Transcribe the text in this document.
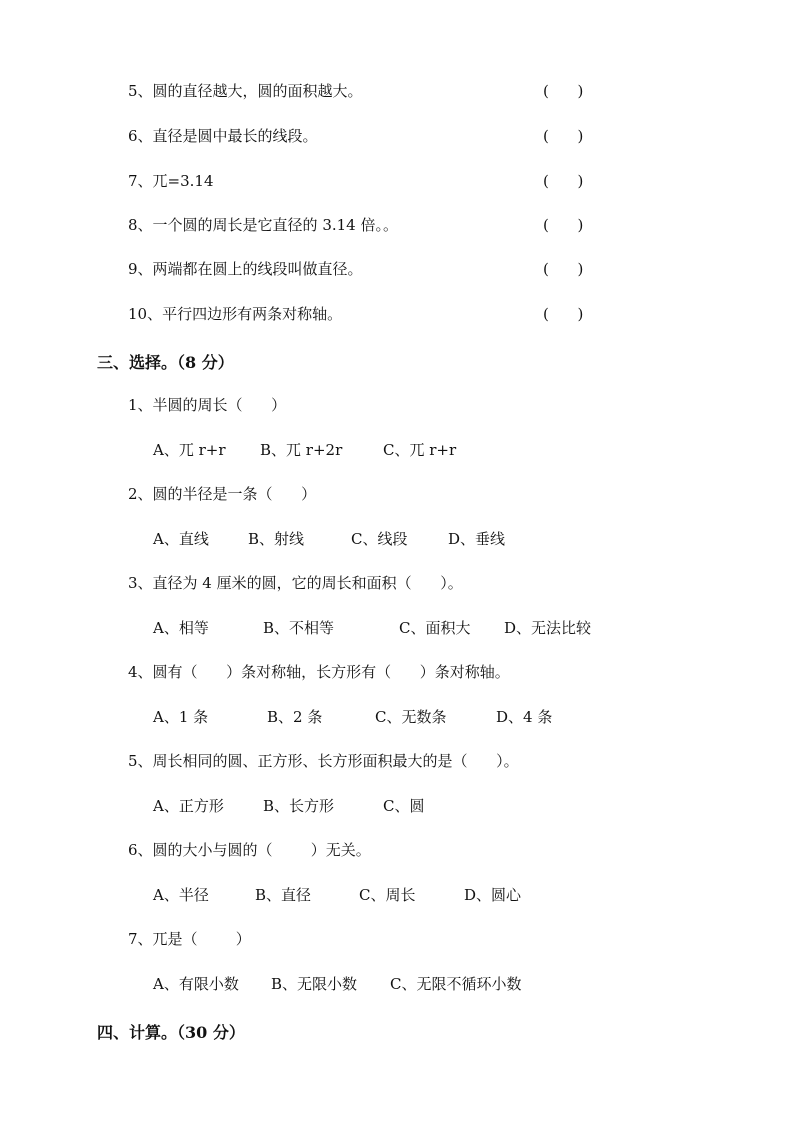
5、圆的直径越大，圆的面积越大。	(      )
6、直径是圆中最长的线段。	(      )
7、兀=3.14	(      )
8、一个圆的周长是它直径的 3.14 倍。。	(      )
9、两端都在圆上的线段叫做直径。	(      )
10、平行四边形有两条对称轴。	(      )
三、选择。（8 分）
1、半圆的周长（      ）
A、兀 r+r B、兀 r+2r	C、兀 r+r
2、圆的半径是一条（      ）
A、直线	B、射线	C、线段	D、垂线
3、直径为 4 厘米的圆，它的周长和面积（      ）。
A、相等	B、不相等	C、面积大 D、无法比较
4、圆有（      ）条对称轴，长方形有（      ）条对称轴。
A、1 条	B、2 条	C、无数条	D、4 条
5、周长相同的圆、正方形、长方形面积最大的是（      ）。
A、正方形	B、长方形	C、圆
6、圆的大小与圆的（        ）无关。
A、半径	B、直径	C、周长	D、圆心
7、兀是（        ）
A、有限小数 B、无限小数 C、无限不循环小数
四、计算。（30 分）
